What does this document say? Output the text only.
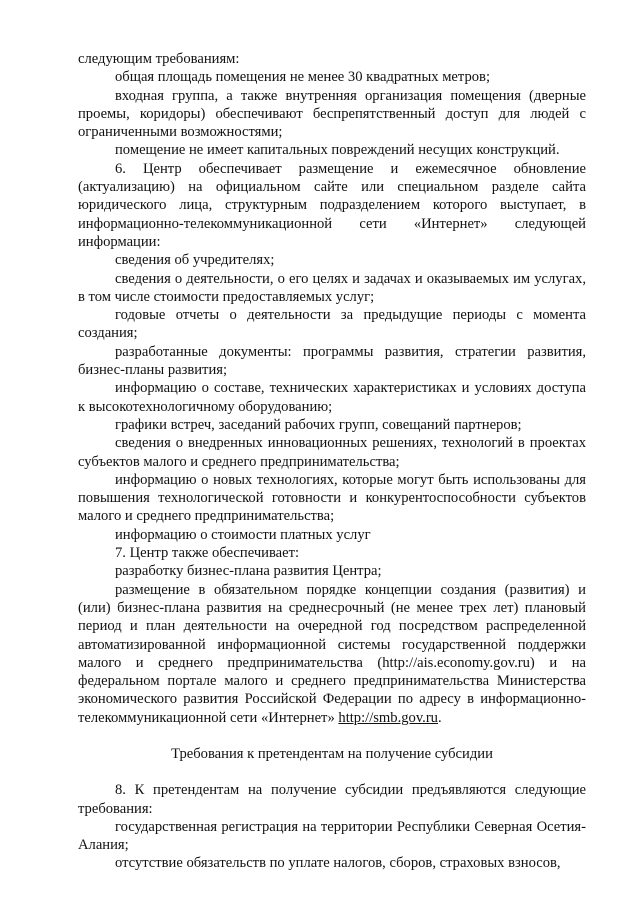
следующим требованиям:

общая площадь помещения не менее 30 квадратных метров;

входная группа, а также внутренняя организация помещения (дверные проемы, коридоры) обеспечивают беспрепятственный доступ для людей с ограниченными возможностями;

помещение не имеет капитальных повреждений несущих конструкций.

6. Центр обеспечивает размещение и ежемесячное обновление (актуализацию) на официальном сайте или специальном разделе сайта юридического лица, структурным подразделением которого выступает, в информационно-телекоммуникационной сети «Интернет» следующей информации:

сведения об учредителях;

сведения о деятельности, о его целях и задачах и оказываемых им услугах, в том числе стоимости предоставляемых услуг;

годовые отчеты о деятельности за предыдущие периоды с момента создания;

разработанные документы: программы развития, стратегии развития, бизнес-планы развития;

информацию о составе, технических характеристиках и условиях доступа к высокотехнологичному оборудованию;

графики встреч, заседаний рабочих групп, совещаний партнеров;

сведения о внедренных инновационных решениях, технологий в проектах субъектов малого и среднего предпринимательства;

информацию о новых технологиях, которые могут быть использованы для повышения технологической готовности и конкурентоспособности субъектов малого и среднего предпринимательства;

информацию о стоимости платных услуг

7. Центр также обеспечивает:

разработку бизнес-плана развития Центра;

размещение в обязательном порядке концепции создания (развития) и (или) бизнес-плана развития на среднесрочный (не менее трех лет) плановый период и план деятельности на очередной год посредством распределенной автоматизированной информационной системы государственной поддержки малого и среднего предпринимательства (http://ais.economy.gov.ru) и на федеральном портале малого и среднего предпринимательства Министерства экономического развития Российской Федерации по адресу в информационно-телекоммуникационной сети «Интернет» http://smb.gov.ru.

Требования к претендентам на получение субсидии

8. К претендентам на получение субсидии предъявляются следующие требования:

государственная регистрация на территории Республики Северная Осетия-Алания;

отсутствие обязательств по уплате налогов, сборов, страховых взносов,
